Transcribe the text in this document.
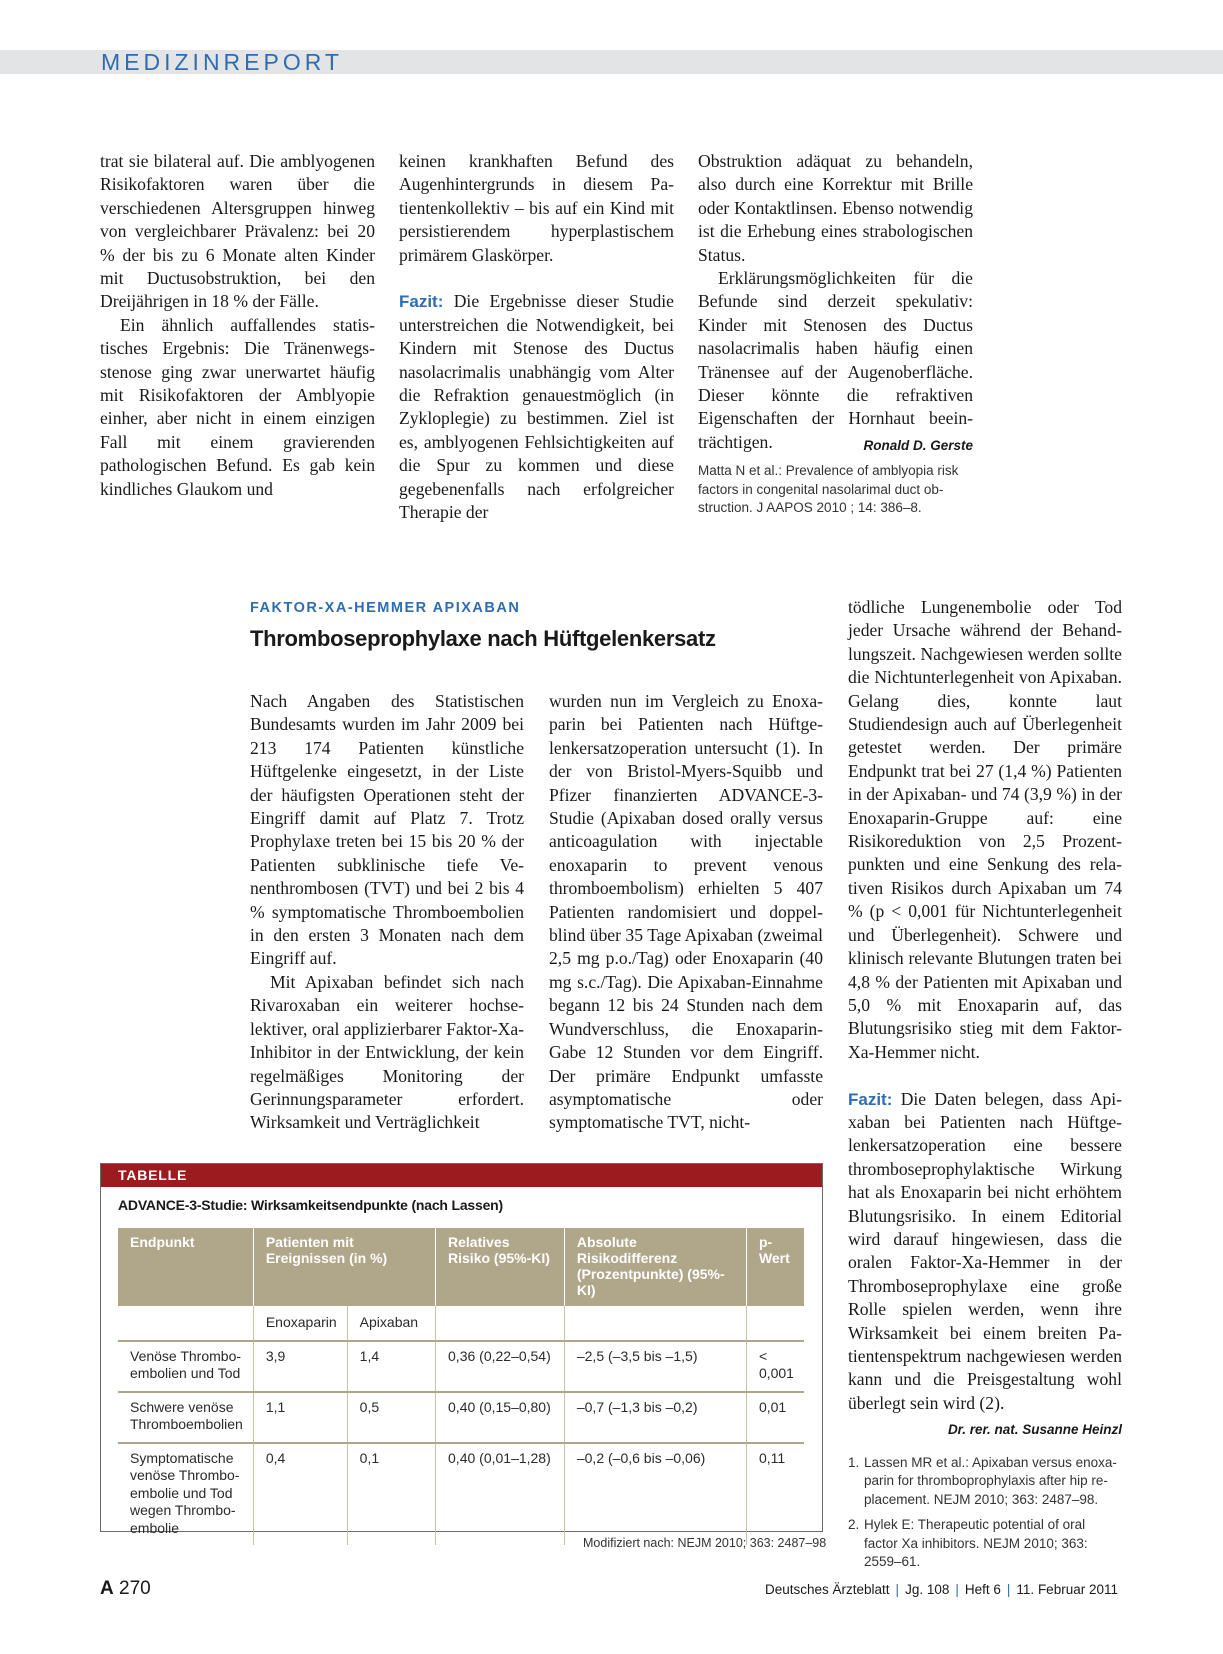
MEDIZINREPORT

trat sie bilateral auf. Die amblyogenen Risikofaktoren waren über die verschiedenen Altersgruppen hinweg von vergleichbarer Prävalenz: bei 20 % der bis zu 6 Monate alten Kinder mit Ductusobstruktion, bei den Dreijährigen in 18 % der Fälle.

Ein ähnlich auffallendes statistisches Ergebnis: Die Tränenwegsstenose ging zwar unerwartet häufig mit Risikofaktoren der Amblyopie einher, aber nicht in einem einzigen Fall mit einem gravierenden pathologischen Befund. Es gab kein kindliches Glaukom und

keinen krankhaften Befund des Augenhintergrunds in diesem Patientenkollektiv – bis auf ein Kind mit persistierendem hyperplastischem primärem Glaskörper.

Fazit: Die Ergebnisse dieser Studie unterstreichen die Notwendigkeit, bei Kindern mit Stenose des Ductus nasolacrimalis unabhängig vom Alter die Refraktion genauestmöglich (in Zykloplegie) zu bestimmen. Ziel ist es, amblyogenen Fehlsichtigkeiten auf die Spur zu kommen und diese gegebenenfalls nach erfolgreicher Therapie der

Obstruktion adäquat zu behandeln, also durch eine Korrektur mit Brille oder Kontaktlinsen. Ebenso notwendig ist die Erhebung eines strabologischen Status.

Erklärungsmöglichkeiten für die Befunde sind derzeit spekulativ: Kinder mit Stenosen des Ductus nasolacrimalis haben häufig einen Tränensee auf der Augenoberfläche. Dieser könnte die refraktiven Eigenschaften der Hornhaut beeinträchtigen.	Ronald D. Gerste

Matta N et al.: Prevalence of amblyopia risk factors in congenital nasolarimal duct obstruction. J AAPOS 2010 ; 14: 386–8.
FAKTOR-XA-HEMMER APIXABAN
Thromboseprophylaxe nach Hüftgelenkersatz

Nach Angaben des Statistischen Bundesamts wurden im Jahr 2009 bei 213 174 Patienten künstliche Hüftgelenke eingesetzt, in der Liste der häufigsten Operationen steht der Eingriff damit auf Platz 7. Trotz Prophylaxe treten bei 15 bis 20 % der Patienten subklinische tiefe Venenthrombosen (TVT) und bei 2 bis 4 % symptomatische Thromboembolien in den ersten 3 Monaten nach dem Eingriff auf.

Mit Apixaban befindet sich nach Rivaroxaban ein weiterer hochselektiver, oral applizierbarer Faktor-Xa-Inhibitor in der Entwicklung, der kein regelmäßiges Monitoring der Gerinnungsparameter erfordert. Wirksamkeit und Verträglichkeit

wurden nun im Vergleich zu Enoxaparin bei Patienten nach Hüftgelenkersatzoperation untersucht (1). In der von Bristol-Myers-Squibb und Pfizer finanzierten ADVANCE-3-Studie (Apixaban dosed orally versus anticoagulation with injectable enoxaparin to prevent venous thromboembolism) erhielten 5 407 Patienten randomisiert und doppelblind über 35 Tage Apixaban (zweimal 2,5 mg p.o./Tag) oder Enoxaparin (40 mg s.c./Tag). Die Apixaban-Einnahme begann 12 bis 24 Stunden nach dem Wundverschluss, die Enoxaparin-Gabe 12 Stunden vor dem Eingriff. Der primäre Endpunkt umfasste asymptomatische oder symptomatische TVT, nicht-

tödliche Lungenembolie oder Tod jeder Ursache während der Behandlungszeit. Nachgewiesen werden sollte die Nichtunterlegenheit von Apixaban. Gelang dies, konnte laut Studiendesign auch auf Überlegenheit getestet werden. Der primäre Endpunkt trat bei 27 (1,4 %) Patienten in der Apixaban- und 74 (3,9 %) in der Enoxaparin-Gruppe auf: eine Risikoreduktion von 2,5 Prozentpunkten und eine Senkung des relativen Risikos durch Apixaban um 74 % (p < 0,001 für Nichtunterlegenheit und Überlegenheit). Schwere und klinisch relevante Blutungen traten bei 4,8 % der Patienten mit Apixaban und 5,0 % mit Enoxaparin auf, das Blutungsrisiko stieg mit dem Faktor-Xa-Hemmer nicht.

Fazit: Die Daten belegen, dass Apixaban bei Patienten nach Hüftgelenkersatzoperation eine bessere thromboseprophylaktische Wirkung hat als Enoxaparin bei nicht erhöhtem Blutungsrisiko. In einem Editorial wird darauf hingewiesen, dass die oralen Faktor-Xa-Hemmer in der Thromboseprophylaxe eine große Rolle spielen werden, wenn ihre Wirksamkeit bei einem breiten Patientenspektrum nachgewiesen werden kann und die Preisgestaltung wohl überlegt sein wird (2).

Dr. rer. nat. Susanne Heinzl
1. Lassen MR et al.: Apixaban versus enoxaparin for thromboprophylaxis after hip replacement. NEJM 2010; 363: 2487–98.
2. Hylek E: Therapeutic potential of oral factor Xa inhibitors. NEJM 2010; 363: 2559–61.
TABELLE
ADVANCE-3-Studie: Wirksamkeitsendpunkte (nach Lassen)
Endpunkt	Patienten mit Ereignissen (in %)		Relatives Risiko (95%-KI)	Absolute Risikodifferenz (Prozentpunkte) (95%-KI)	p-Wert
	Enoxaparin	Apixaban			
Venöse Thromboembolien und Tod	3,9	1,4	0,36 (0,22–0,54)	–2,5 (–3,5 bis –1,5)	< 0,001
Schwere venöse Thromboembolien	1,1	0,5	0,40 (0,15–0,80)	–0,7 (–1,3 bis –0,2)	0,01
Symptomatische venöse Thromboembolie und Tod wegen Thromboembolie	0,4	0,1	0,40 (0,01–1,28)	–0,2 (–0,6 bis –0,06)	0,11
Modifiziert nach: NEJM 2010; 363: 2487–98
A 270	Deutsches Ärzteblatt | Jg. 108 | Heft 6 | 11. Februar 2011
